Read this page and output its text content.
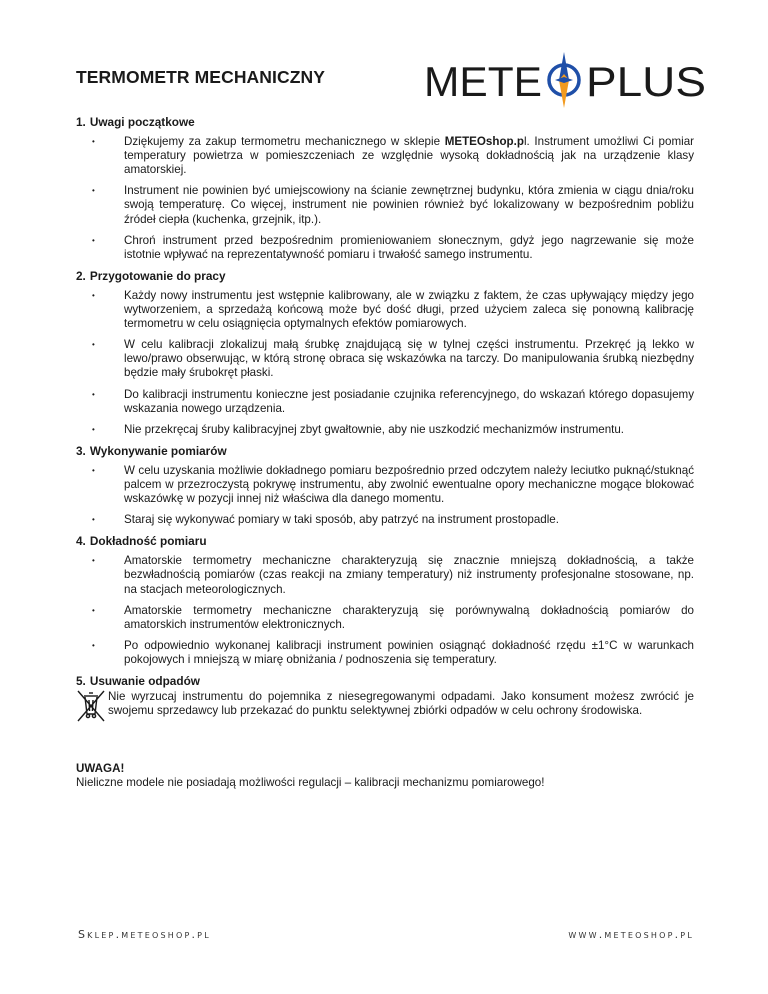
TERMOMETR MECHANICZNY METE PLUS

1. Uwagi początkowe

•	Dziękujemy za zakup termometru mechanicznego w sklepie METEOshop.pl. Instrument umożliwi Ci pomiar temperatury powietrza w pomieszczeniach ze względnie wysoką dokładnością jak na urządzenie klasy amatorskiej.
•	Instrument nie powinien być umiejscowiony na ścianie zewnętrznej budynku, która zmienia w ciągu dnia/roku swoją temperaturę. Co więcej, instrument nie powinien również być lokalizowany w bezpośrednim pobliżu źródeł ciepła (kuchenka, grzejnik, itp.).
•	Chroń instrument przed bezpośrednim promieniowaniem słonecznym, gdyż jego nagrzewanie się może istotnie wpływać na reprezentatywność pomiaru i trwałość samego instrumentu.

2. Przygotowanie do pracy

•	Każdy nowy instrumentu jest wstępnie kalibrowany, ale w związku z faktem, że czas upływający między jego wytworzeniem, a sprzedażą końcową może być dość długi, przed użyciem zaleca się ponowną kalibrację termometru w celu osiągnięcia optymalnych efektów pomiarowych.
•	W celu kalibracji zlokalizuj małą śrubkę znajdującą się w tylnej części instrumentu. Przekręć ją lekko w lewo/prawo obserwując, w którą stronę obraca się wskazówka na tarczy. Do manipulowania śrubką niezbędny będzie mały śrubokręt płaski.
•	Do kalibracji instrumentu konieczne jest posiadanie czujnika referencyjnego, do wskazań którego dopasujemy wskazania nowego urządzenia.
•	Nie przekręcaj śruby kalibracyjnej zbyt gwałtownie, aby nie uszkodzić mechanizmów instrumentu.

3. Wykonywanie pomiarów

•	W celu uzyskania możliwie dokładnego pomiaru bezpośrednio przed odczytem należy leciutko puknąć/stuknąć palcem w przezroczystą pokrywę instrumentu, aby zwolnić ewentualne opory mechaniczne mogące blokować wskazówkę w pozycji innej niż właściwa dla danego momentu.
•	Staraj się wykonywać pomiary w taki sposób, aby patrzyć na instrument prostopadle.

4. Dokładność pomiaru

•	Amatorskie termometry mechaniczne charakteryzują się znacznie mniejszą dokładnością, a także bezwładnością pomiarów (czas reakcji na zmiany temperatury) niż instrumenty profesjonalne stosowane, np. na stacjach meteorologicznych.
•	Amatorskie termometry mechaniczne charakteryzują się porównywalną dokładnością pomiarów do amatorskich instrumentów elektronicznych.
•	Po odpowiednio wykonanej kalibracji instrument powinien osiągnąć dokładność rzędu ±1°C w warunkach pokojowych i mniejszą w miarę obniżania / podnoszenia się temperatury.

5. Usuwanie odpadów

Nie wyrzucaj instrumentu do pojemnika z niesegregowanymi odpadami. Jako konsument możesz zwrócić je swojemu sprzedawcy lub przekazać do punktu selektywnej zbiórki odpadów w celu ochrony środowiska.

UWAGA!

Nieliczne modele nie posiadają możliwości regulacji – kalibracji mechanizmu pomiarowego!

Sklep.meteoshop.pl	www.meteoshop.pl
